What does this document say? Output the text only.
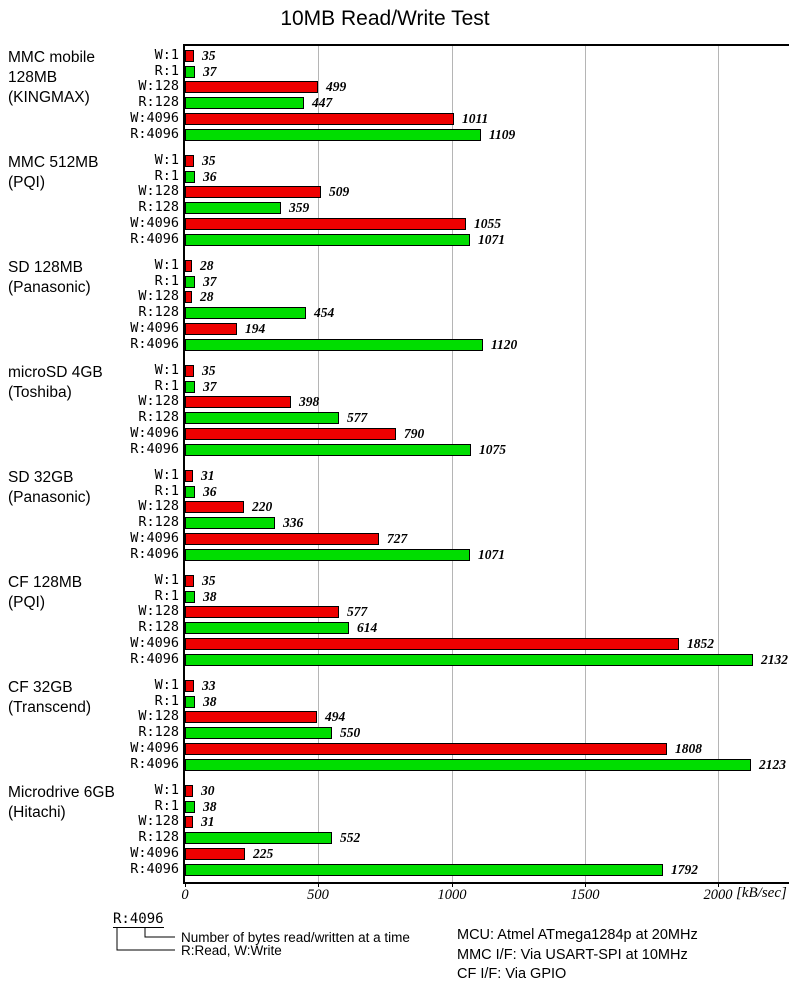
10MB Read/Write Test
0	500	1000	1500	2000
W:1 35
R:1 37
W:128	499
R:128	447
W:4096	1011
R:4096	1109
W:1 35
R:1 36
W:128	509
R:128	359
W:4096	1055
R:4096	1071
W:1 28
R:1 37
W:128 28
R:128	454
W:4096	194
R:4096	1120
W:1 35
R:1 37
W:128	398
R:128	577
W:4096	790
R:4096	1075
W:1 31
R:1 36
W:128	220
R:128	336
W:4096	727
R:4096	1071
W:1 35
R:1 38
W:128	577
R:128	614
W:4096	1852
R:4096	2132
W:1 33
R:1 38
W:128	494
R:128	550
W:4096	1808
R:4096	2123
W:1 30
R:1 38
W:128 31
R:128	552
W:4096	225
R:4096	1792
[kB/sec]
R:4096
Number of bytes read/written at a time
R:Read, W:Write
MCU: Atmel ATmega1284p at 20MHz
MMC I/F: Via USART-SPI at 10MHz
CF I/F: Via GPIO
MMC mobile
128MB
(KINGMAX)
MMC 512MB
(PQI)
SD 128MB
(Panasonic)
microSD 4GB
(Toshiba)
SD 32GB
(Panasonic)
CF 128MB
(PQI)
CF 32GB
(Transcend)
Microdrive 6GB
(Hitachi)
